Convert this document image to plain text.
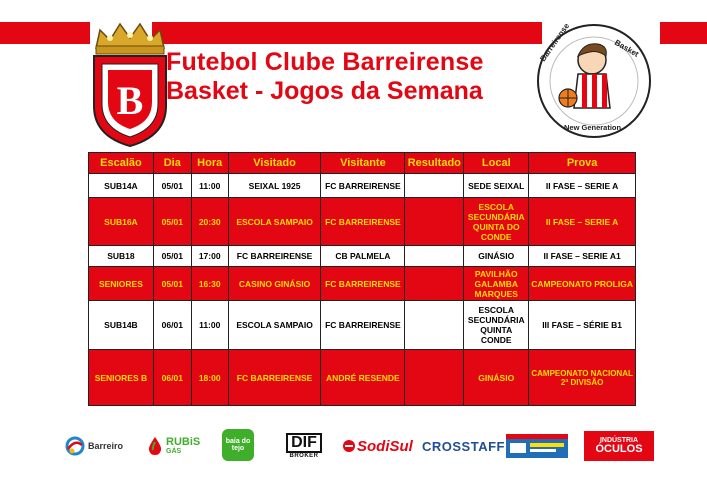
B
Futebol Clube Barreirense
Basket - Jogos da Semana
Barreirense	Basket
New Generation
Escalão	Dia	Hora	Visitado	Visitante	Resultado	Local	Prova
SUB14A	05/01	11:00	SEIXAL 1925	FC BARREIRENSE		SEDE SEIXAL	II FASE – SERIE A
SUB16A	05/01	20:30	ESCOLA SAMPAIO	FC BARREIRENSE		ESCOLA SECUNDÁRIA QUINTA DO CONDE	II FASE – SERIE A
SUB18	05/01	17:00	FC BARREIRENSE	CB PALMELA		GINÁSIO	II FASE – SERIE A1
SENIORES	05/01	16:30	CASINO GINÁSIO	FC BARREIRENSE		PAVILHÃO GALAMBA MARQUES	CAMPEONATO PROLIGA
SUB14B	06/01	11:00	ESCOLA SAMPAIO	FC BARREIRENSE		ESCOLA SECUNDÁRIA QUINTA CONDE	III FASE – SÉRIE B1
SENIORES B	06/01	18:00	FC BARREIRENSE	ANDRÉ RESENDE		GINÁSIO	CAMPEONATO NACIONAL 2ª DIVISÃO
Barreiro	RUBiS
GÁS
baía do tejo	DIF
BROKER
SodiSul CROSSTAFF	INDÚSTRIA
ÓCULOS
